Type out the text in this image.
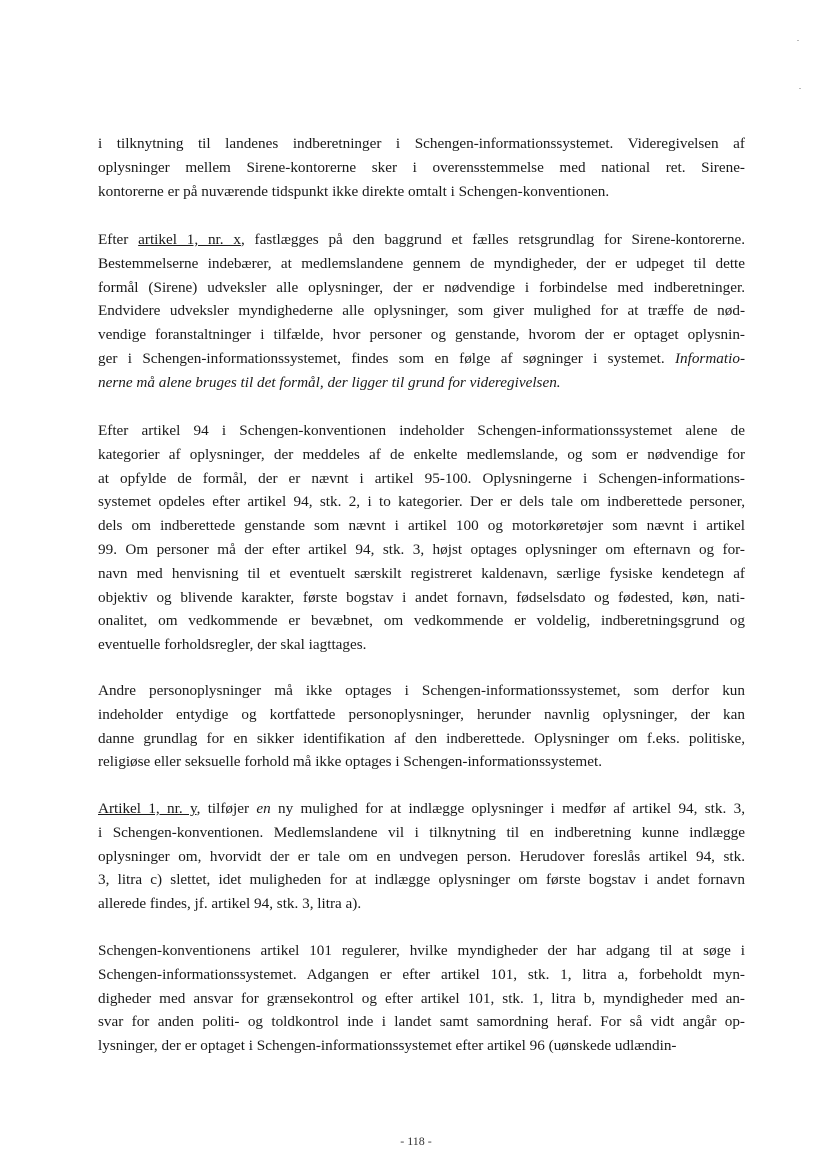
i tilknytning til landenes indberetninger i Schengen-informationssystemet. Videregivelsen af
oplysninger mellem Sirene-kontorerne sker i overensstemmelse med national ret. Sirene-
kontorerne er på nuværende tidspunkt ikke direkte omtalt i Schengen-konventionen.
Efter artikel 1, nr. x, fastlægges på den baggrund et fælles retsgrundlag for Sirene-kontorerne.
Bestemmelserne indebærer, at medlemslandene gennem de myndigheder, der er udpeget til dette
formål (Sirene) udveksler alle oplysninger, der er nødvendige i forbindelse med indberetninger.
Endvidere udveksler myndighederne alle oplysninger, som giver mulighed for at træffe de nød-
vendige foranstaltninger i tilfælde, hvor personer og genstande, hvorom der er optaget oplysnin-
ger i Schengen-informationssystemet, findes som en følge af søgninger i systemet. Informatio-
nerne må alene bruges til det formål, der ligger til grund for videregivelsen.
Efter artikel 94 i Schengen-konventionen indeholder Schengen-informationssystemet alene de
kategorier af oplysninger, der meddeles af de enkelte medlemslande, og som er nødvendige for
at opfylde de formål, der er nævnt i artikel 95-100. Oplysningerne i Schengen-informations-
systemet opdeles efter artikel 94, stk. 2, i to kategorier. Der er dels tale om indberettede personer,
dels om indberettede genstande som nævnt i artikel 100 og motorkøretøjer som nævnt i artikel
99. Om personer må der efter artikel 94, stk. 3, højst optages oplysninger om efternavn og for-
navn med henvisning til et eventuelt særskilt registreret kaldenavn, særlige fysiske kendetegn af
objektiv og blivende karakter, første bogstav i andet fornavn, fødselsdato og fødested, køn, nati-
onalitet, om vedkommende er bevæbnet, om vedkommende er voldelig, indberetningsgrund og
eventuelle forholdsregler, der skal iagttages.
Andre personoplysninger må ikke optages i Schengen-informationssystemet, som derfor kun
indeholder entydige og kortfattede personoplysninger, herunder navnlig oplysninger, der kan
danne grundlag for en sikker identifikation af den indberettede. Oplysninger om f.eks. politiske,
religiøse eller seksuelle forhold må ikke optages i Schengen-informationssystemet.
Artikel 1, nr. y, tilføjer en ny mulighed for at indlægge oplysninger i medfør af artikel 94, stk. 3,
i Schengen-konventionen. Medlemslandene vil i tilknytning til en indberetning kunne indlægge
oplysninger om, hvorvidt der er tale om en undvegen person. Herudover foreslås artikel 94, stk.
3, litra c) slettet, idet muligheden for at indlægge oplysninger om første bogstav i andet fornavn
allerede findes, jf. artikel 94, stk. 3, litra a).
Schengen-konventionens artikel 101 regulerer, hvilke myndigheder der har adgang til at søge i
Schengen-informationssystemet. Adgangen er efter artikel 101, stk. 1, litra a, forbeholdt myn-
digheder med ansvar for grænsekontrol og efter artikel 101, stk. 1, litra b, myndigheder med an-
svar for anden politi- og toldkontrol inde i landet samt samordning heraf. For så vidt angår op-
lysninger, der er optaget i Schengen-informationssystemet efter artikel 96 (uønskede udlændin-
- 118 -
